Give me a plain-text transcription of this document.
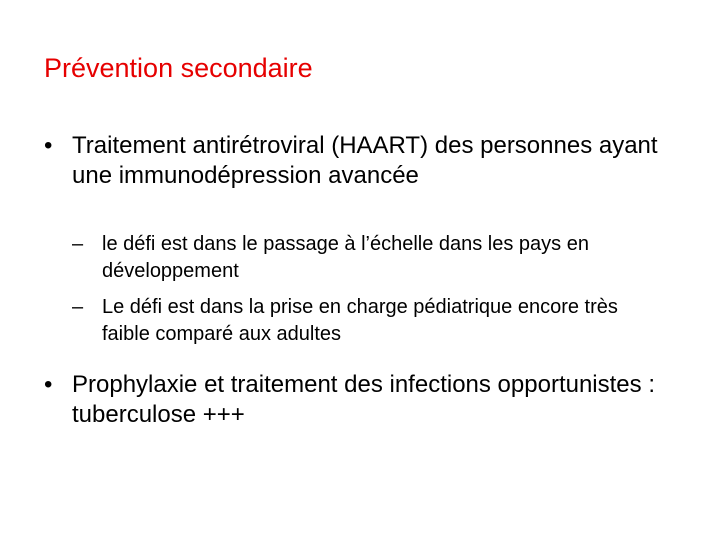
Prévention secondaire
• Traitement antirétroviral (HAART) des personnes ayant une immunodépression avancée
– le défi est dans le passage à l’échelle dans les pays en développement
– Le défi est dans la prise en charge pédiatrique encore très faible comparé aux adultes
• Prophylaxie et traitement des infections opportunistes : tuberculose +++
